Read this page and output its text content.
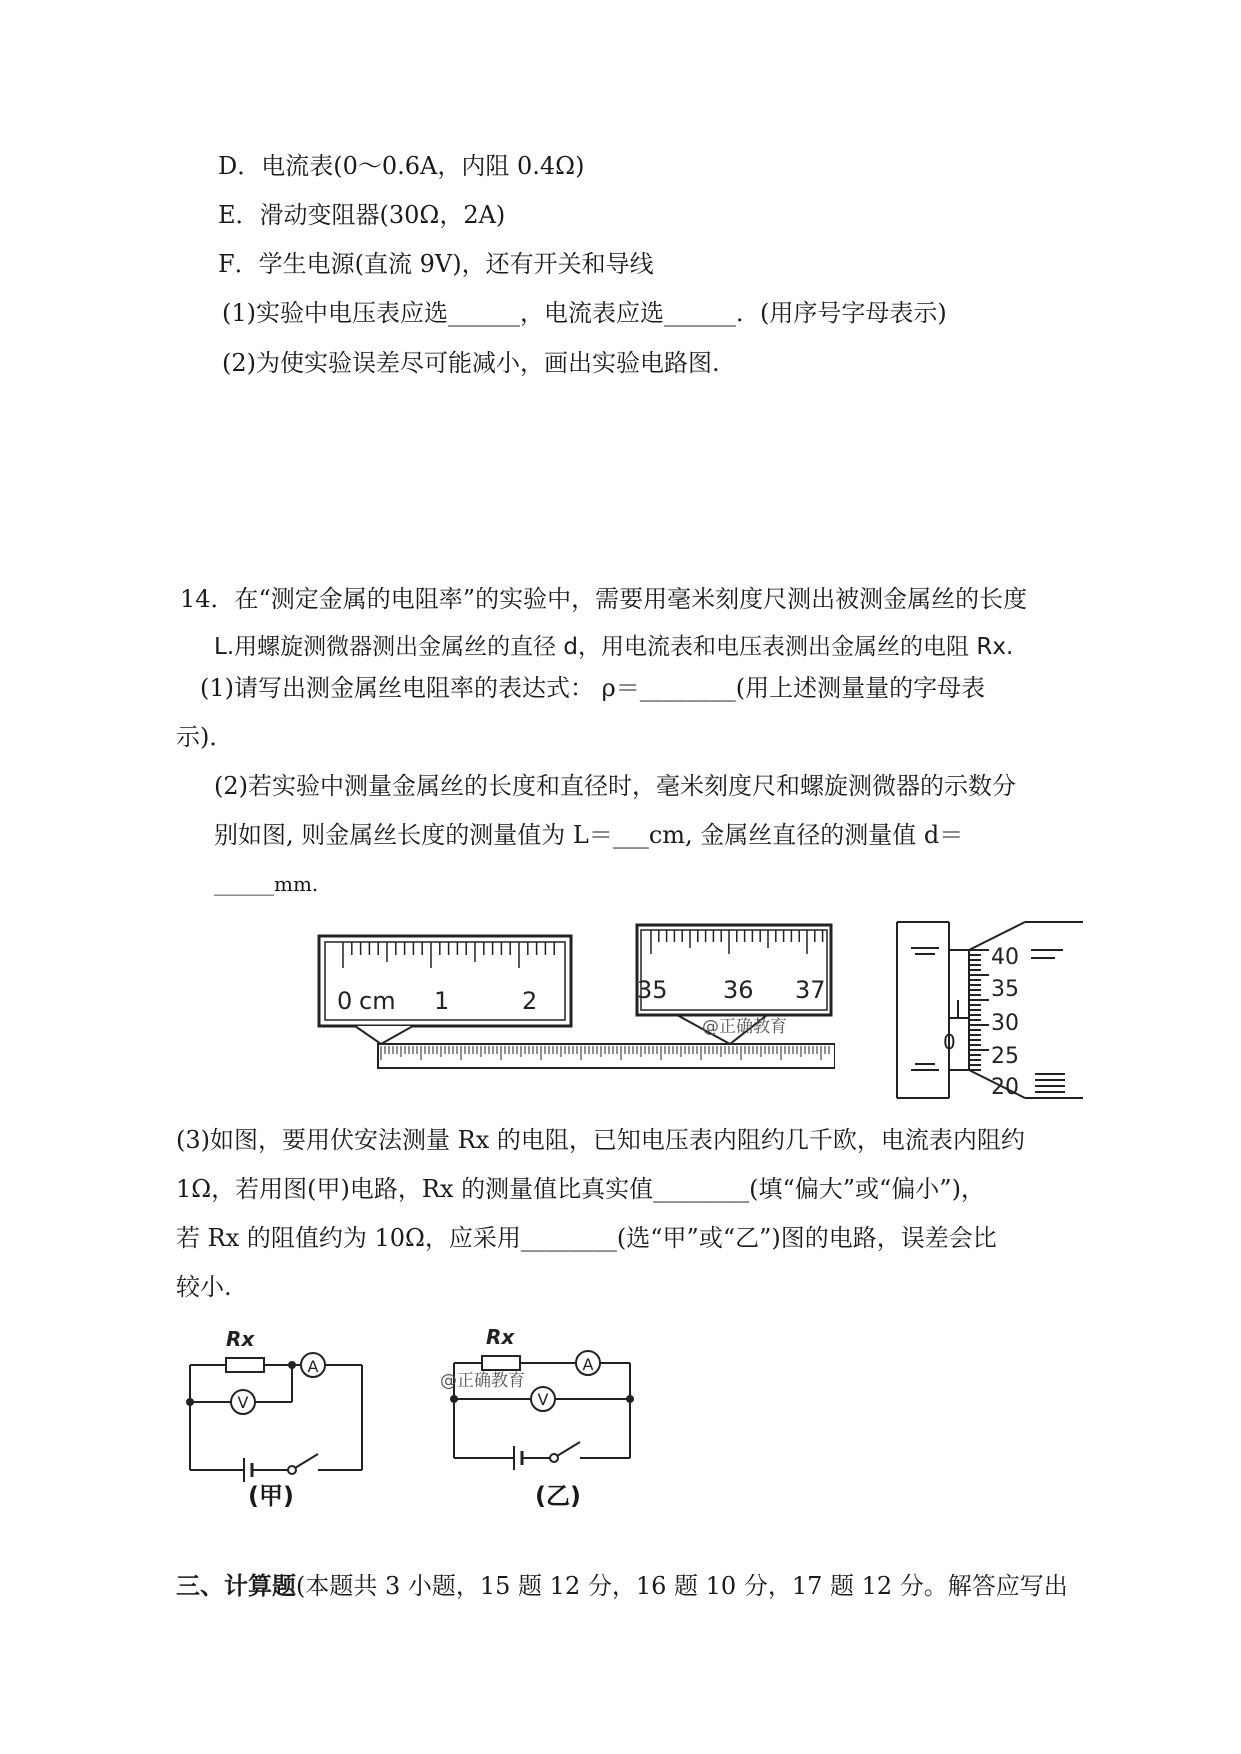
D．电流表(0～0.6A，内阻 0.4Ω)
E．滑动变阻器(30Ω，2A)
F．学生电源(直流 9V)，还有开关和导线
(1)实验中电压表应选______，电流表应选______．(用序号字母表示)
(2)为使实验误差尽可能减小，画出实验电路图.
14．在“测定金属的电阻率”的实验中，需要用毫米刻度尺测出被测金属丝的长度
L.用螺旋测微器测出金属丝的直径 d，用电流表和电压表测出金属丝的电阻 Rx.
(1)请写出测金属丝电阻率的表达式： ρ＝________(用上述测量量的字母表
示)．
(2)若实验中测量金属丝的长度和直径时，毫米刻度尺和螺旋测微器的示数分
别如图, 则金属丝长度的测量值为 L＝___cm, 金属丝直径的测量值 d＝
______mm.
0 cm 1	2	35 36 37
@正确教育
0
40
35
30
25
20
(3)如图，要用伏安法测量 Rx 的电阻，已知电压表内阻约几千欧，电流表内阻约
1Ω，若用图(甲)电路，Rx 的测量值比真实值________(填“偏大”或“偏小”)，
若 Rx 的阻值约为 10Ω，应采用________(选“甲”或“乙”)图的电路，误差会比
较小.
Rx
A
V
(甲)
Rx
A
V
@正确教育
(乙)
三、计算题(本题共 3 小题，15 题 12 分，16 题 10 分，17 题 12 分。解答应写出
